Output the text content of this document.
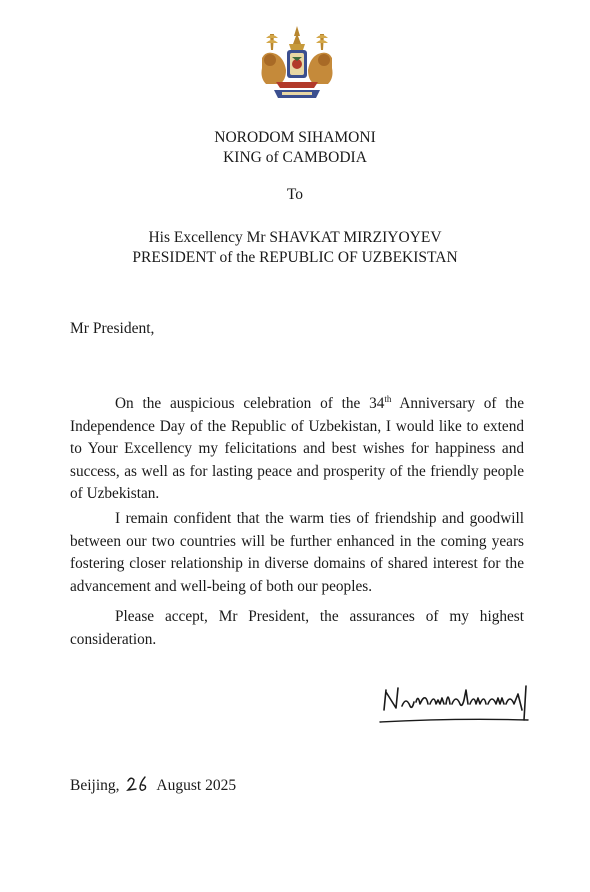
NORODOM SIHAMONI
KING of CAMBODIA
To
His Excellency Mr SHAVKAT MIRZIYOYEV
PRESIDENT of the REPUBLIC OF UZBEKISTAN
Mr President,

On the auspicious celebration of the 34th Anniversary of the Independence Day of the Republic of Uzbekistan, I would like to extend to Your Excellency my felicitations and best wishes for happiness and success, as well as for lasting peace and prosperity of the friendly people of Uzbekistan.

I remain confident that the warm ties of friendship and goodwill between our two countries will be further enhanced in the coming years fostering closer relationship in diverse domains of shared interest for the advancement and well-being of both our peoples.

Please accept, Mr President, the assurances of my highest consideration.

Beijing, August 2025
